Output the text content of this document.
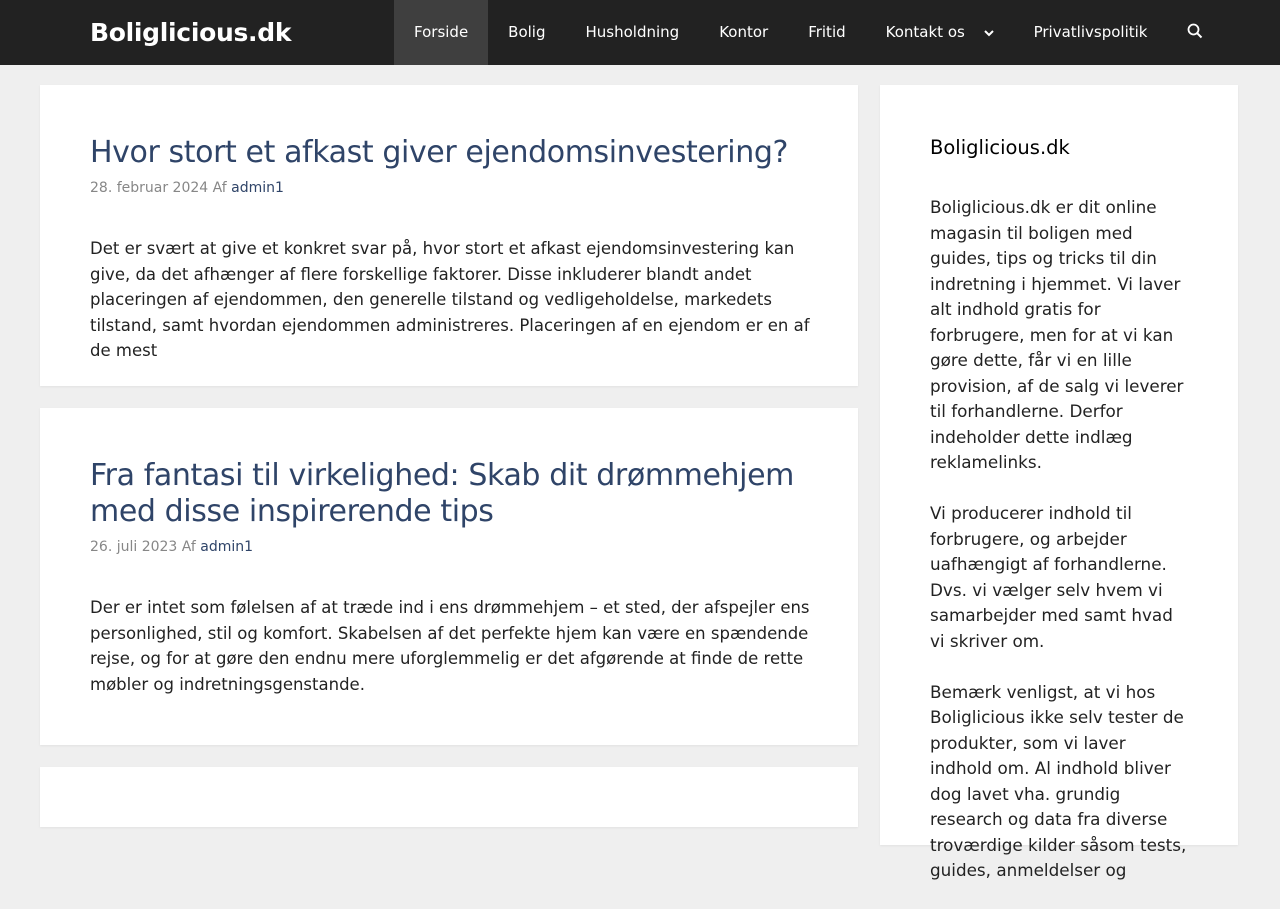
Boliglicious.dk	Forside	Bolig	Husholdning	Kontor	Fritid	Kontakt os	Privatlivspolitik
Hvor stort et afkast giver ejendomsinvestering?
28. februar 2024 Af admin1

Det er svært at give et konkret svar på, hvor stort et afkast ejendomsinvestering kan give, da det afhænger af flere forskellige faktorer. Disse inkluderer blandt andet placeringen af ejendommen, den generelle tilstand og vedligeholdelse, markedets tilstand, samt hvordan ejendommen administreres. Placeringen af en ejendom er en af de mest

Fra fantasi til virkelighed: Skab dit drømmehjem med disse inspirerende tips
26. juli 2023 Af admin1

Der er intet som følelsen af at træde ind i ens drømmehjem – et sted, der afspejler ens personlighed, stil og komfort. Skabelsen af det perfekte hjem kan være en spændende rejse, og for at gøre den endnu mere uforglemmelig er det afgørende at finde de rette møbler og indretningsgenstande.

Boliglicious.dk

Boliglicious.dk er dit online magasin til boligen med guides, tips og tricks til din indretning i hjemmet. Vi laver alt indhold gratis for forbrugere, men for at vi kan gøre dette, får vi en lille provision, af de salg vi leverer til forhandlerne. Derfor indeholder dette indlæg reklamelinks.

Vi producerer indhold til forbrugere, og arbejder uafhængigt af forhandlerne. Dvs. vi vælger selv hvem vi samarbejder med samt hvad vi skriver om.

Bemærk venligst, at vi hos Boliglicious ikke selv tester de produkter, som vi laver indhold om. Al indhold bliver dog lavet vha. grundig research og data fra diverse troværdige kilder såsom tests, guides, anmeldelser og
